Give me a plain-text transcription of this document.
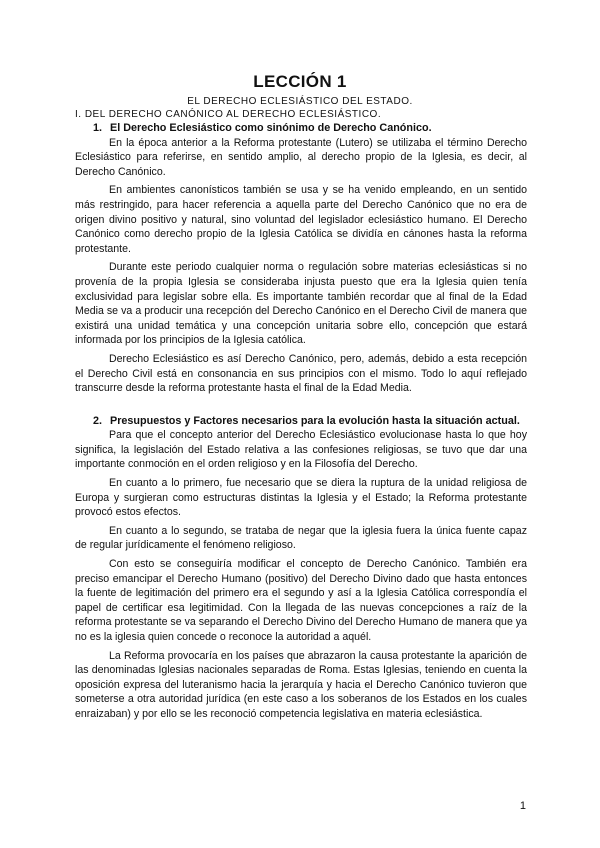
LECCIÓN 1
EL DERECHO ECLESIÁSTICO DEL ESTADO.
I. DEL DERECHO CANÓNICO AL DERECHO ECLESIÁSTICO.
1. El Derecho Eclesiástico como sinónimo de Derecho Canónico.

En la época anterior a la Reforma protestante (Lutero) se utilizaba el término Derecho Eclesiástico para referirse, en sentido amplio, al derecho propio de la Iglesia, es decir, al Derecho Canónico.

En ambientes canonísticos también se usa y se ha venido empleando, en un sentido más restringido, para hacer referencia a aquella parte del Derecho Canónico que no era de origen divino positivo y natural, sino voluntad del legislador eclesiástico humano. El Derecho Canónico como derecho propio de la Iglesia Católica se dividía en cánones hasta la reforma protestante.

Durante este periodo cualquier norma o regulación sobre materias eclesiásticas si no provenía de la propia Iglesia se consideraba injusta puesto que era la Iglesia quien tenía exclusividad para legislar sobre ella. Es importante también recordar que al final de la Edad Media se va a producir una recepción del Derecho Canónico en el Derecho Civil de manera que existirá una unidad temática y una concepción unitaria sobre ello, concepción que estará informada por los principios de la Iglesia católica.

Derecho Eclesiástico es así Derecho Canónico, pero, además, debido a esta recepción el Derecho Civil está en consonancia en sus principios con el mismo. Todo lo aquí reflejado transcurre desde la reforma protestante hasta el final de la Edad Media.

2. Presupuestos y Factores necesarios para la evolución hasta la situación actual.

Para que el concepto anterior del Derecho Eclesiástico evolucionase hasta lo que hoy significa, la legislación del Estado relativa a las confesiones religiosas, se tuvo que dar una importante conmoción en el orden religioso y en la Filosofía del Derecho.

En cuanto a lo primero, fue necesario que se diera la ruptura de la unidad religiosa de Europa y surgieran como estructuras distintas la Iglesia y el Estado; la Reforma protestante provocó estos efectos.

En cuanto a lo segundo, se trataba de negar que la iglesia fuera la única fuente capaz de regular jurídicamente el fenómeno religioso.

Con esto se conseguiría modificar el concepto de Derecho Canónico. También era preciso emancipar el Derecho Humano (positivo) del Derecho Divino dado que hasta entonces la fuente de legitimación del primero era el segundo y así a la Iglesia Católica correspondía el papel de certificar esa legitimidad. Con la llegada de las nuevas concepciones a raíz de la reforma protestante se va separando el Derecho Divino del Derecho Humano de manera que ya no es la iglesia quien concede o reconoce la autoridad a aquél.

La Reforma provocaría en los países que abrazaron la causa protestante la aparición de las denominadas Iglesias nacionales separadas de Roma. Estas Iglesias, teniendo en cuenta la oposición expresa del luteranismo hacia la jerarquía y hacia el Derecho Canónico tuvieron que someterse a otra autoridad jurídica (en este caso a los soberanos de los Estados en los cuales enraizaban) y por ello se les reconoció competencia legislativa en materia eclesiástica.

1
